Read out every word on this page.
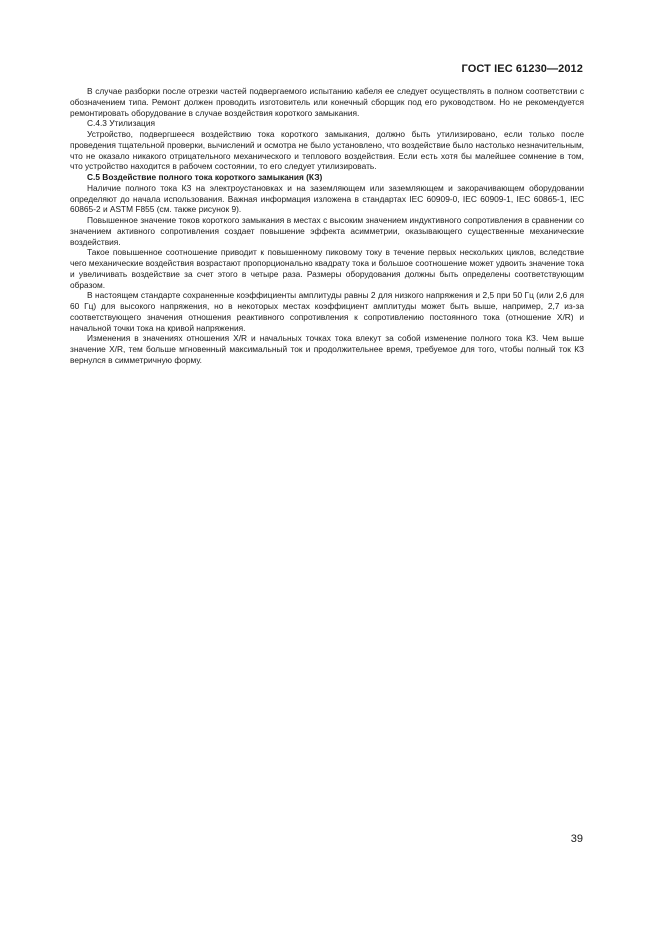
ГОСТ IEC 61230—2012

В случае разборки после отрезки частей подвергаемого испытанию кабеля ее следует осуществлять в полном соответствии с обозначением типа. Ремонт должен проводить изготовитель или конечный сборщик под его руководством. Но не рекомендуется ремонтировать оборудование в случае воздействия короткого замыкания.

С.4.3 Утилизация

Устройство, подвергшееся воздействию тока короткого замыкания, должно быть утилизировано, если только после проведения тщательной проверки, вычислений и осмотра не было установлено, что воздействие было настолько незначительным, что не оказало никакого отрицательного механического и теплового воздействия. Если есть хотя бы малейшее сомнение в том, что устройство находится в рабочем состоянии, то его следует утилизировать.

С.5 Воздействие полного тока короткого замыкания (КЗ)

Наличие полного тока КЗ на электроустановках и на заземляющем или заземляющем и закорачивающем оборудовании определяют до начала использования. Важная информация изложена в стандартах IEC 60909-0, IEC 60909-1, IEC 60865-1, IEC 60865-2 и ASTM F855 (см. также рисунок 9).

Повышенное значение токов короткого замыкания в местах с высоким значением индуктивного сопротивления в сравнении со значением активного сопротивления создает повышение эффекта асимметрии, оказывающего существенные механические воздействия.

Такое повышенное соотношение приводит к повышенному пиковому току в течение первых нескольких циклов, вследствие чего механические воздействия возрастают пропорционально квадрату тока и большое соотношение может удвоить значение тока и увеличивать воздействие за счет этого в четыре раза. Размеры оборудования должны быть определены соответствующим образом.

В настоящем стандарте сохраненные коэффициенты амплитуды равны 2 для низкого напряжения и 2,5 при 50 Гц (или 2,6 для 60 Гц) для высокого напряжения, но в некоторых местах коэффициент амплитуды может быть выше, например, 2,7 из-за соответствующего значения отношения реактивного сопротивления к сопротивлению постоянного тока (отношение X/R) и начальной точки тока на кривой напряжения.

Изменения в значениях отношения X/R и начальных точках тока влекут за собой изменение полного тока КЗ. Чем выше значение X/R, тем больше мгновенный максимальный ток и продолжительнее время, требуемое для того, чтобы полный ток КЗ вернулся в симметричную форму.

39
